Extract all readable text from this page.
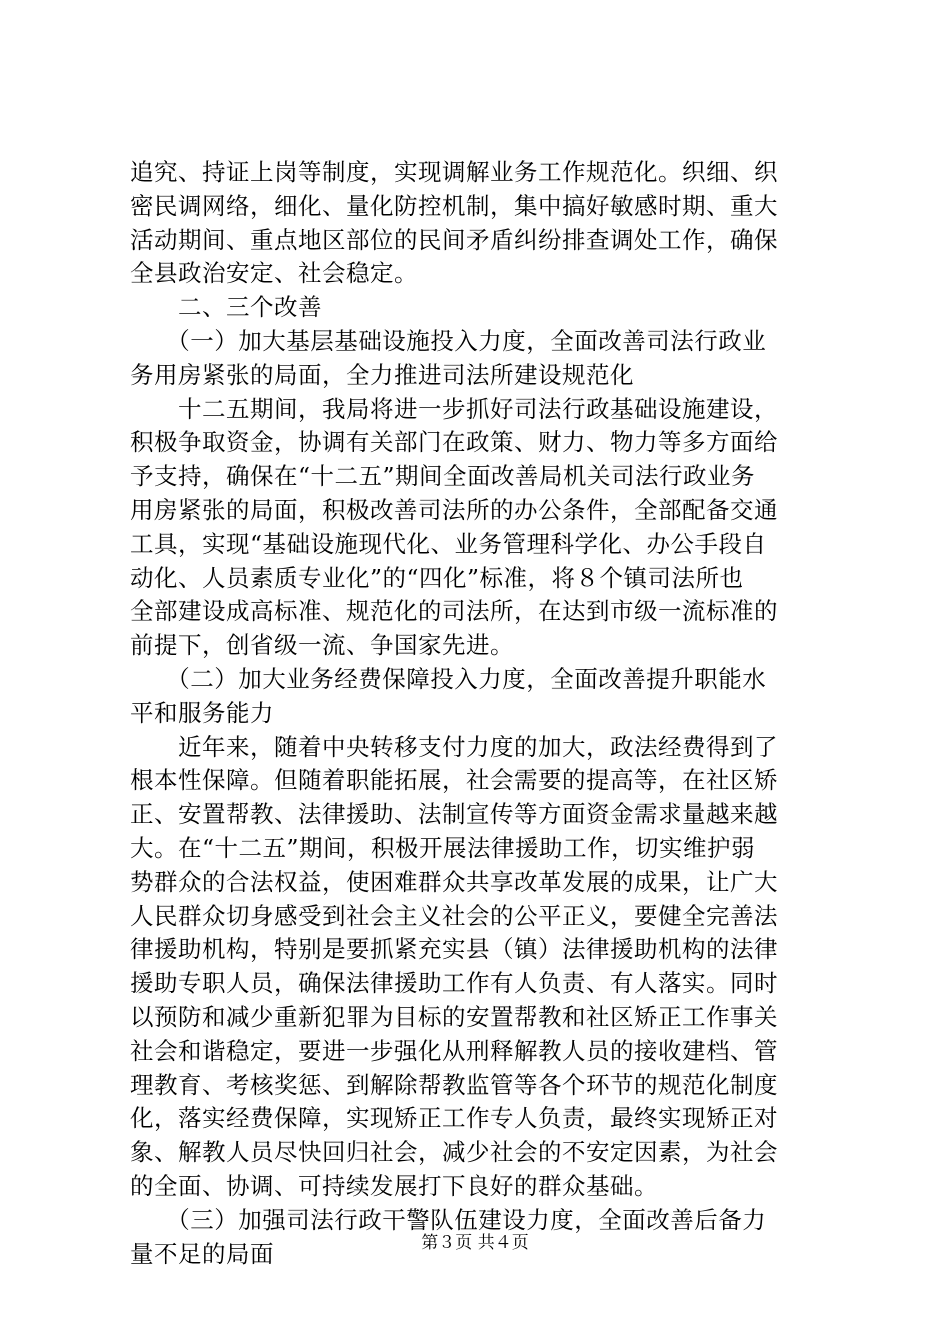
追究、持证上岗等制度，实现调解业务工作规范化。织细、织
密民调网络，细化、量化防控机制，集中搞好敏感时期、重大
活动期间、重点地区部位的民间矛盾纠纷排查调处工作，确保
全县政治安定、社会稳定。
　　二、三个改善
　　（一）加大基层基础设施投入力度，全面改善司法行政业
务用房紧张的局面，全力推进司法所建设规范化
　　十二五期间，我局将进一步抓好司法行政基础设施建设，
积极争取资金，协调有关部门在政策、财力、物力等多方面给
予支持，确保在“十二五”期间全面改善局机关司法行政业务
用房紧张的局面，积极改善司法所的办公条件，全部配备交通
工具，实现“基础设施现代化、业务管理科学化、办公手段自
动化、人员素质专业化”的“四化”标准，将８个镇司法所也
全部建设成高标准、规范化的司法所，在达到市级一流标准的
前提下，创省级一流、争国家先进。
　　（二）加大业务经费保障投入力度，全面改善提升职能水
平和服务能力
　　近年来，随着中央转移支付力度的加大，政法经费得到了
根本性保障。但随着职能拓展，社会需要的提高等，在社区矫
正、安置帮教、法律援助、法制宣传等方面资金需求量越来越
大。在“十二五”期间，积极开展法律援助工作，切实维护弱
势群众的合法权益，使困难群众共享改革发展的成果，让广大
人民群众切身感受到社会主义社会的公平正义，要健全完善法
律援助机构，特别是要抓紧充实县（镇）法律援助机构的法律
援助专职人员，确保法律援助工作有人负责、有人落实。同时
以预防和减少重新犯罪为目标的安置帮教和社区矫正工作事关
社会和谐稳定，要进一步强化从刑释解教人员的接收建档、管
理教育、考核奖惩、到解除帮教监管等各个环节的规范化制度
化，落实经费保障，实现矫正工作专人负责，最终实现矫正对
象、解教人员尽快回归社会，减少社会的不安定因素，为社会
的全面、协调、可持续发展打下良好的群众基础。
　　（三）加强司法行政干警队伍建设力度，全面改善后备力
量不足的局面	第３页 共４页
